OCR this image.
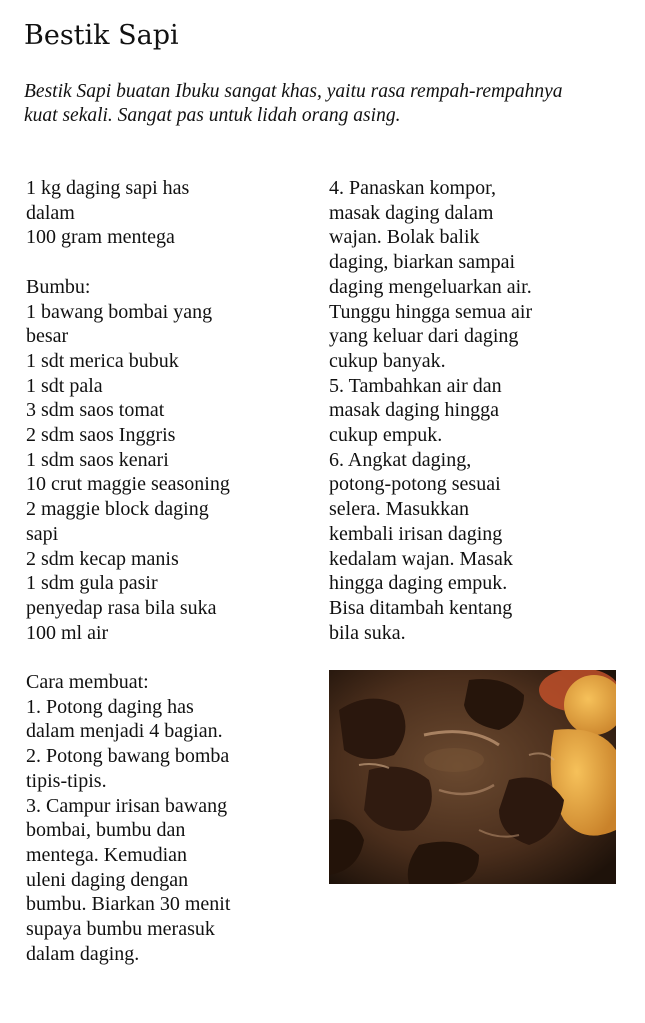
Bestik Sapi

Bestik Sapi buatan Ibuku sangat khas, yaitu rasa rempah-rempahnya
kuat sekali. Sangat pas untuk lidah orang asing.

1 kg daging sapi has
dalam
100 gram mentega
Bumbu:
1 bawang bombai yang
besar
1 sdt merica bubuk
1 sdt pala
3 sdm saos tomat
2 sdm saos Inggris
1 sdm saos kenari
10 crut maggie seasoning
2 maggie block daging
sapi
2 sdm kecap manis
1 sdm gula pasir
penyedap rasa bila suka
100 ml air
Cara membuat:
1. Potong daging has
dalam menjadi 4 bagian.
2. Potong bawang bomba
tipis-tipis.
3. Campur irisan bawang
bombai, bumbu dan
mentega. Kemudian
uleni daging dengan
bumbu. Biarkan 30 menit
supaya bumbu merasuk
dalam daging.
4. Panaskan kompor,
masak daging dalam
wajan. Bolak balik
daging, biarkan sampai
daging mengeluarkan air.
Tunggu hingga semua air
yang keluar dari daging
cukup banyak.
5. Tambahkan air dan
masak daging hingga
cukup empuk.
6. Angkat daging,
potong-potong sesuai
selera. Masukkan
kembali irisan daging
kedalam wajan. Masak
hingga daging empuk.
Bisa ditambah kentang
bila suka.
